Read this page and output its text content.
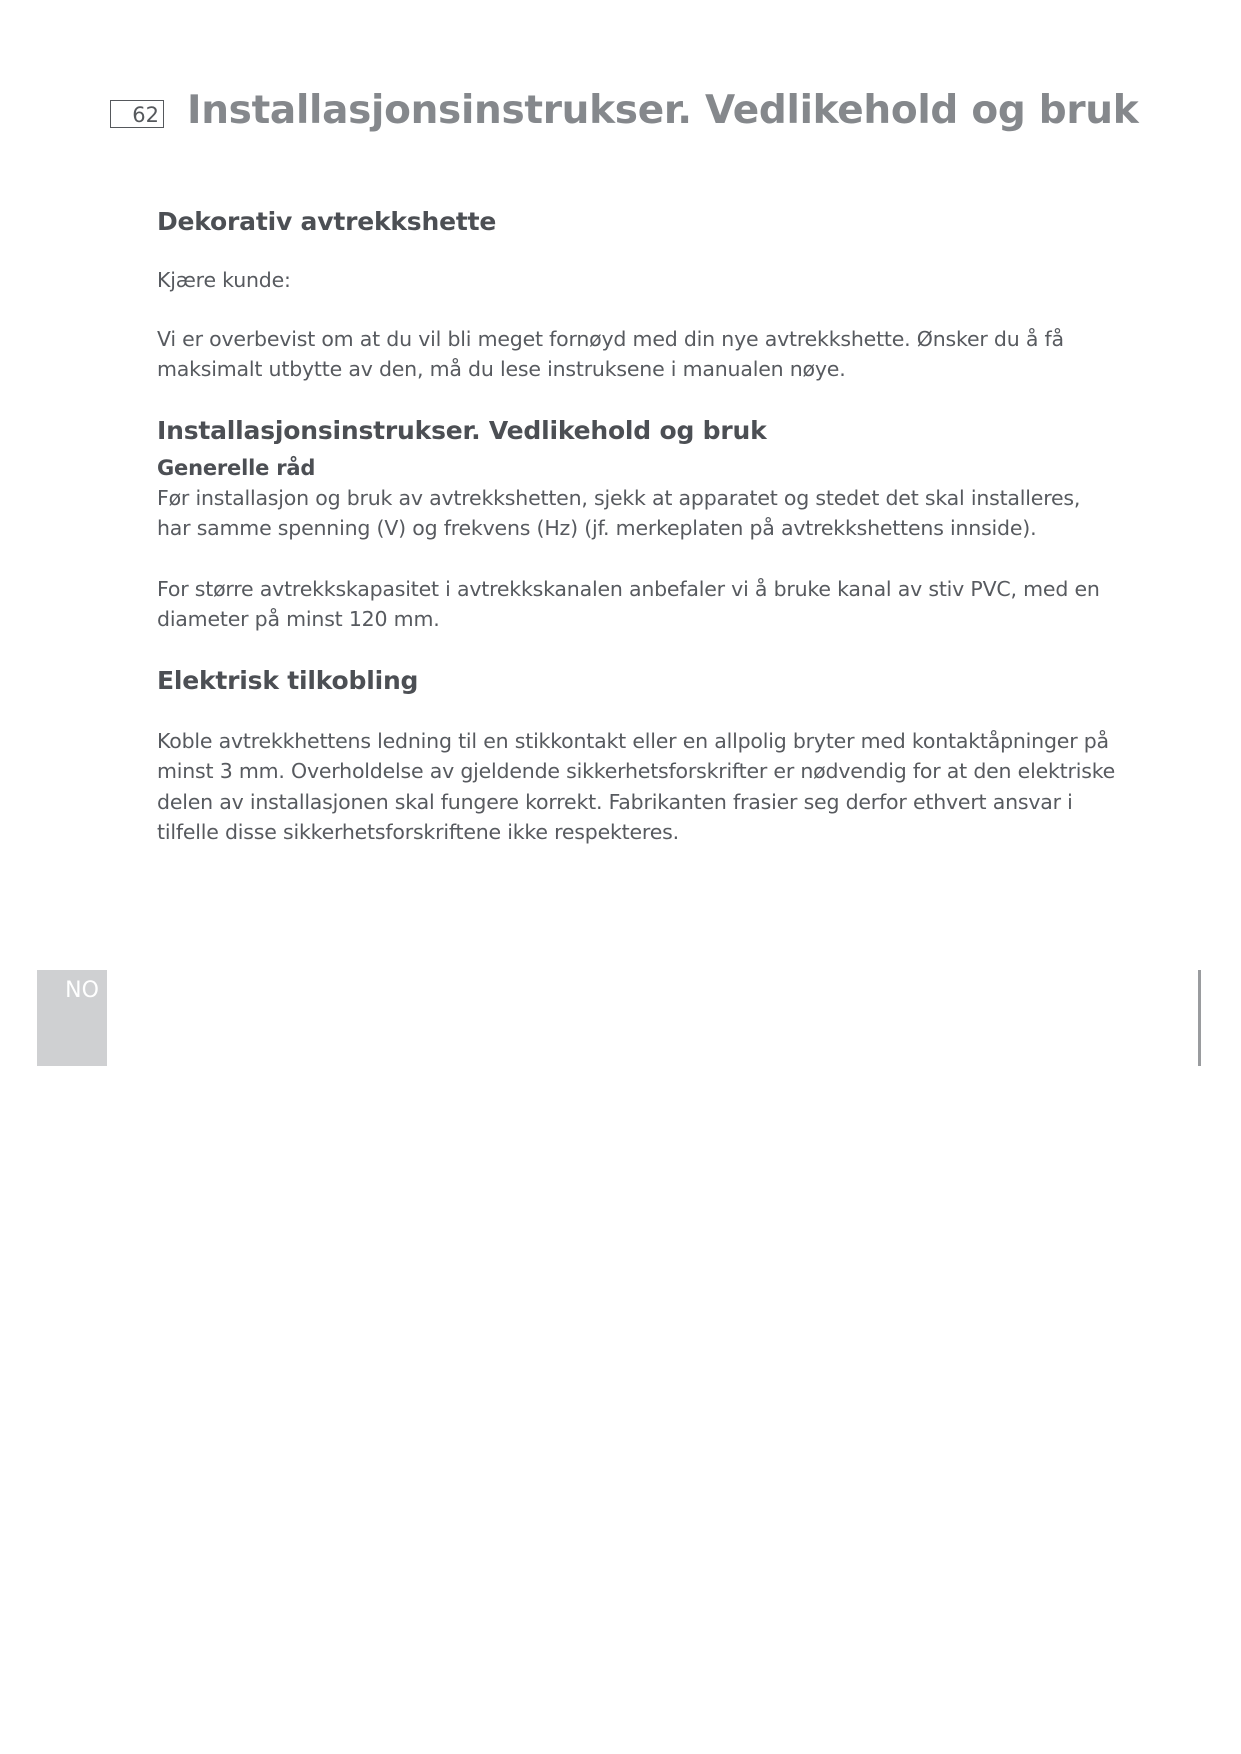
62 Installasjonsinstrukser. Vedlikehold og bruk
Dekorativ avtrekkshette

Kjære kunde:

Vi er overbevist om at du vil bli meget fornøyd med din nye avtrekkshette. Ønsker du å få maksimalt utbytte av den, må du lese instruksene i manualen nøye.

Installasjonsinstrukser. Vedlikehold og bruk
Generelle råd

Før installasjon og bruk av avtrekkshetten, sjekk at apparatet og stedet det skal installeres, har samme spenning (V) og frekvens (Hz) (jf. merkeplaten på avtrekkshettens innside).

For større avtrekkskapasitet i avtrekkskanalen anbefaler vi å bruke kanal av stiv PVC, med en diameter på minst 120 mm.

Elektrisk tilkobling

Koble avtrekkhettens ledning til en stikkontakt eller en allpolig bryter med kontaktåpninger på minst 3 mm. Overholdelse av gjeldende sikkerhetsforskrifter er nødvendig for at den elektriske delen av installasjonen skal fungere korrekt. Fabrikanten frasier seg derfor ethvert ansvar i tilfelle disse sikkerhetsforskriftene ikke respekteres.

NO
